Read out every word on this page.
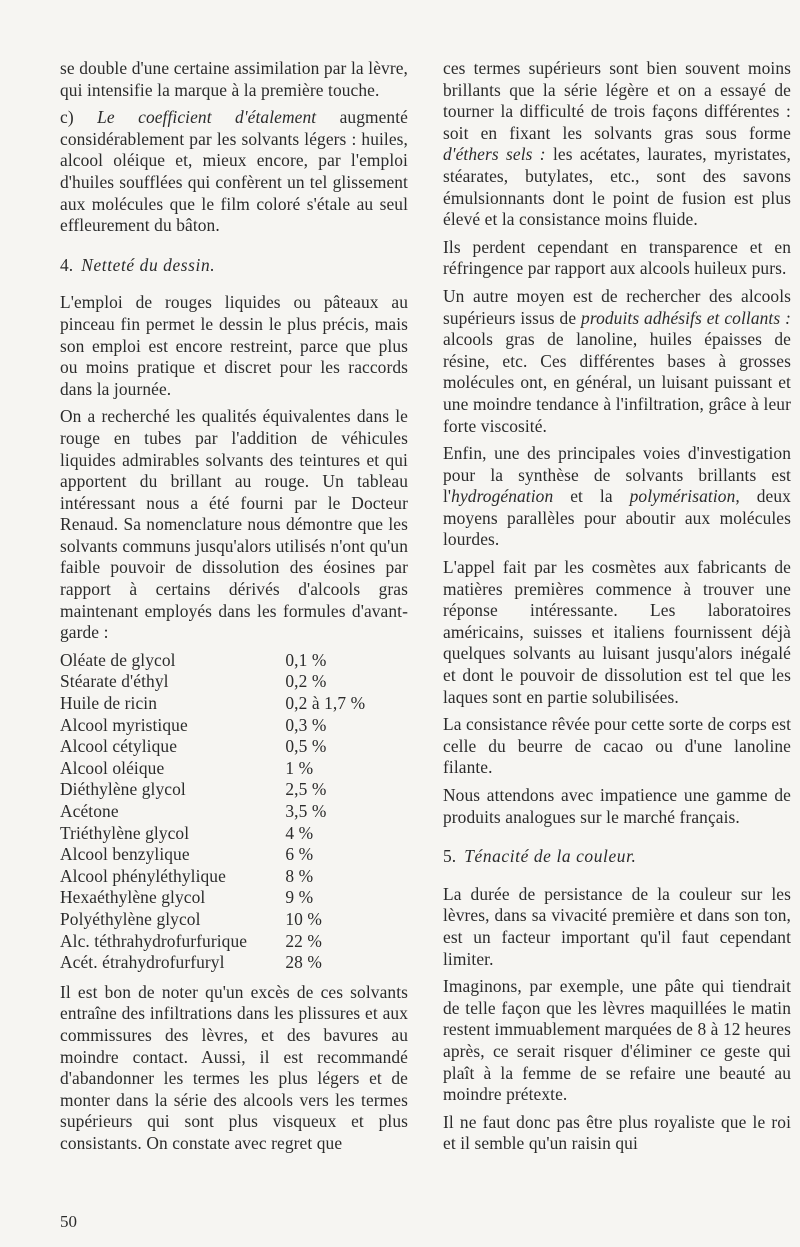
se double d'une certaine assimilation par la lèvre, qui intensifie la marque à la première touche.

c) Le coefficient d'étalement augmenté considérablement par les solvants légers : huiles, alcool oléique et, mieux encore, par l'emploi d'huiles soufflées qui confèrent un tel glissement aux molécules que le film coloré s'étale au seul effleurement du bâton.

4. Netteté du dessin.

L'emploi de rouges liquides ou pâteaux au pinceau fin permet le dessin le plus précis, mais son emploi est encore restreint, parce que plus ou moins pratique et discret pour les raccords dans la journée.

On a recherché les qualités équivalentes dans le rouge en tubes par l'addition de véhicules liquides admirables solvants des teintures et qui apportent du brillant au rouge. Un tableau intéressant nous a été fourni par le Docteur Renaud. Sa nomenclature nous démontre que les solvants communs jusqu'alors utilisés n'ont qu'un faible pouvoir de dissolution des éosines par rapport à certains dérivés d'alcools gras maintenant employés dans les formules d'avant-garde :

Oléate de glycol	0,1 %
Stéarate d'éthyl	0,2 %
Huile de ricin	0,2 à 1,7 %
Alcool myristique	0,3 %
Alcool cétylique	0,5 %
Alcool oléique	1 %
Diéthylène glycol	2,5 %
Acétone	3,5 %
Triéthylène glycol	4 %
Alcool benzylique	6 %
Alcool phényléthylique	8 %
Hexaéthylène glycol	9 %
Polyéthylène glycol	10 %
Alc. téthrahydrofurfurique	22 %
Acét. étrahydrofurfuryl	28 %

Il est bon de noter qu'un excès de ces solvants entraîne des infiltrations dans les plissures et aux commissures des lèvres, et des bavures au moindre contact. Aussi, il est recommandé d'abandonner les termes les plus légers et de monter dans la série des alcools vers les termes supérieurs qui sont plus visqueux et plus consistants. On constate avec regret que

ces termes supérieurs sont bien souvent moins brillants que la série légère et on a essayé de tourner la difficulté de trois façons différentes : soit en fixant les solvants gras sous forme d'éthers sels : les acétates, laurates, myristates, stéarates, butylates, etc., sont des savons émulsionnants dont le point de fusion est plus élevé et la consistance moins fluide.

Ils perdent cependant en transparence et en réfringence par rapport aux alcools huileux purs.

Un autre moyen est de rechercher des alcools supérieurs issus de produits adhésifs et collants : alcools gras de lanoline, huiles épaisses de résine, etc. Ces différentes bases à grosses molécules ont, en général, un luisant puissant et une moindre tendance à l'infiltration, grâce à leur forte viscosité.

Enfin, une des principales voies d'investigation pour la synthèse de solvants brillants est l'hydrogénation et la polymérisation, deux moyens parallèles pour aboutir aux molécules lourdes.

L'appel fait par les cosmètes aux fabricants de matières premières commence à trouver une réponse intéressante. Les laboratoires américains, suisses et italiens fournissent déjà quelques solvants au luisant jusqu'alors inégalé et dont le pouvoir de dissolution est tel que les laques sont en partie solubilisées.

La consistance rêvée pour cette sorte de corps est celle du beurre de cacao ou d'une lanoline filante.

Nous attendons avec impatience une gamme de produits analogues sur le marché français.

5. Ténacité de la couleur.

La durée de persistance de la couleur sur les lèvres, dans sa vivacité première et dans son ton, est un facteur important qu'il faut cependant limiter.

Imaginons, par exemple, une pâte qui tiendrait de telle façon que les lèvres maquillées le matin restent immuablement marquées de 8 à 12 heures après, ce serait risquer d'éliminer ce geste qui plaît à la femme de se refaire une beauté au moindre prétexte.

Il ne faut donc pas être plus royaliste que le roi et il semble qu'un raisin qui

50
